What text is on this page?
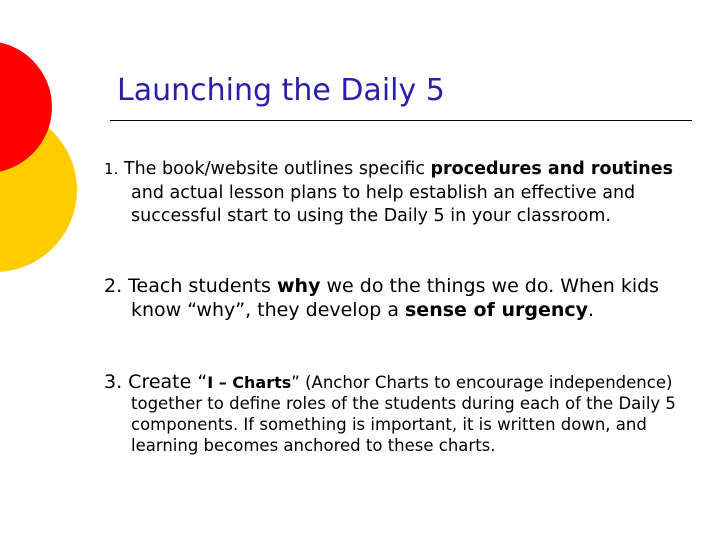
Launching the Daily 5
1. The book/website outlines specific procedures and routines and actual lesson plans to help establish an effective and successful start to using the Daily 5 in your classroom.
2. Teach students why we do the things we do. When kids know “why”, they develop a sense of urgency.
3. Create “I – Charts” (Anchor Charts to encourage independence) together to define roles of the students during each of the Daily 5 components. If something is important, it is written down, and learning becomes anchored to these charts.
